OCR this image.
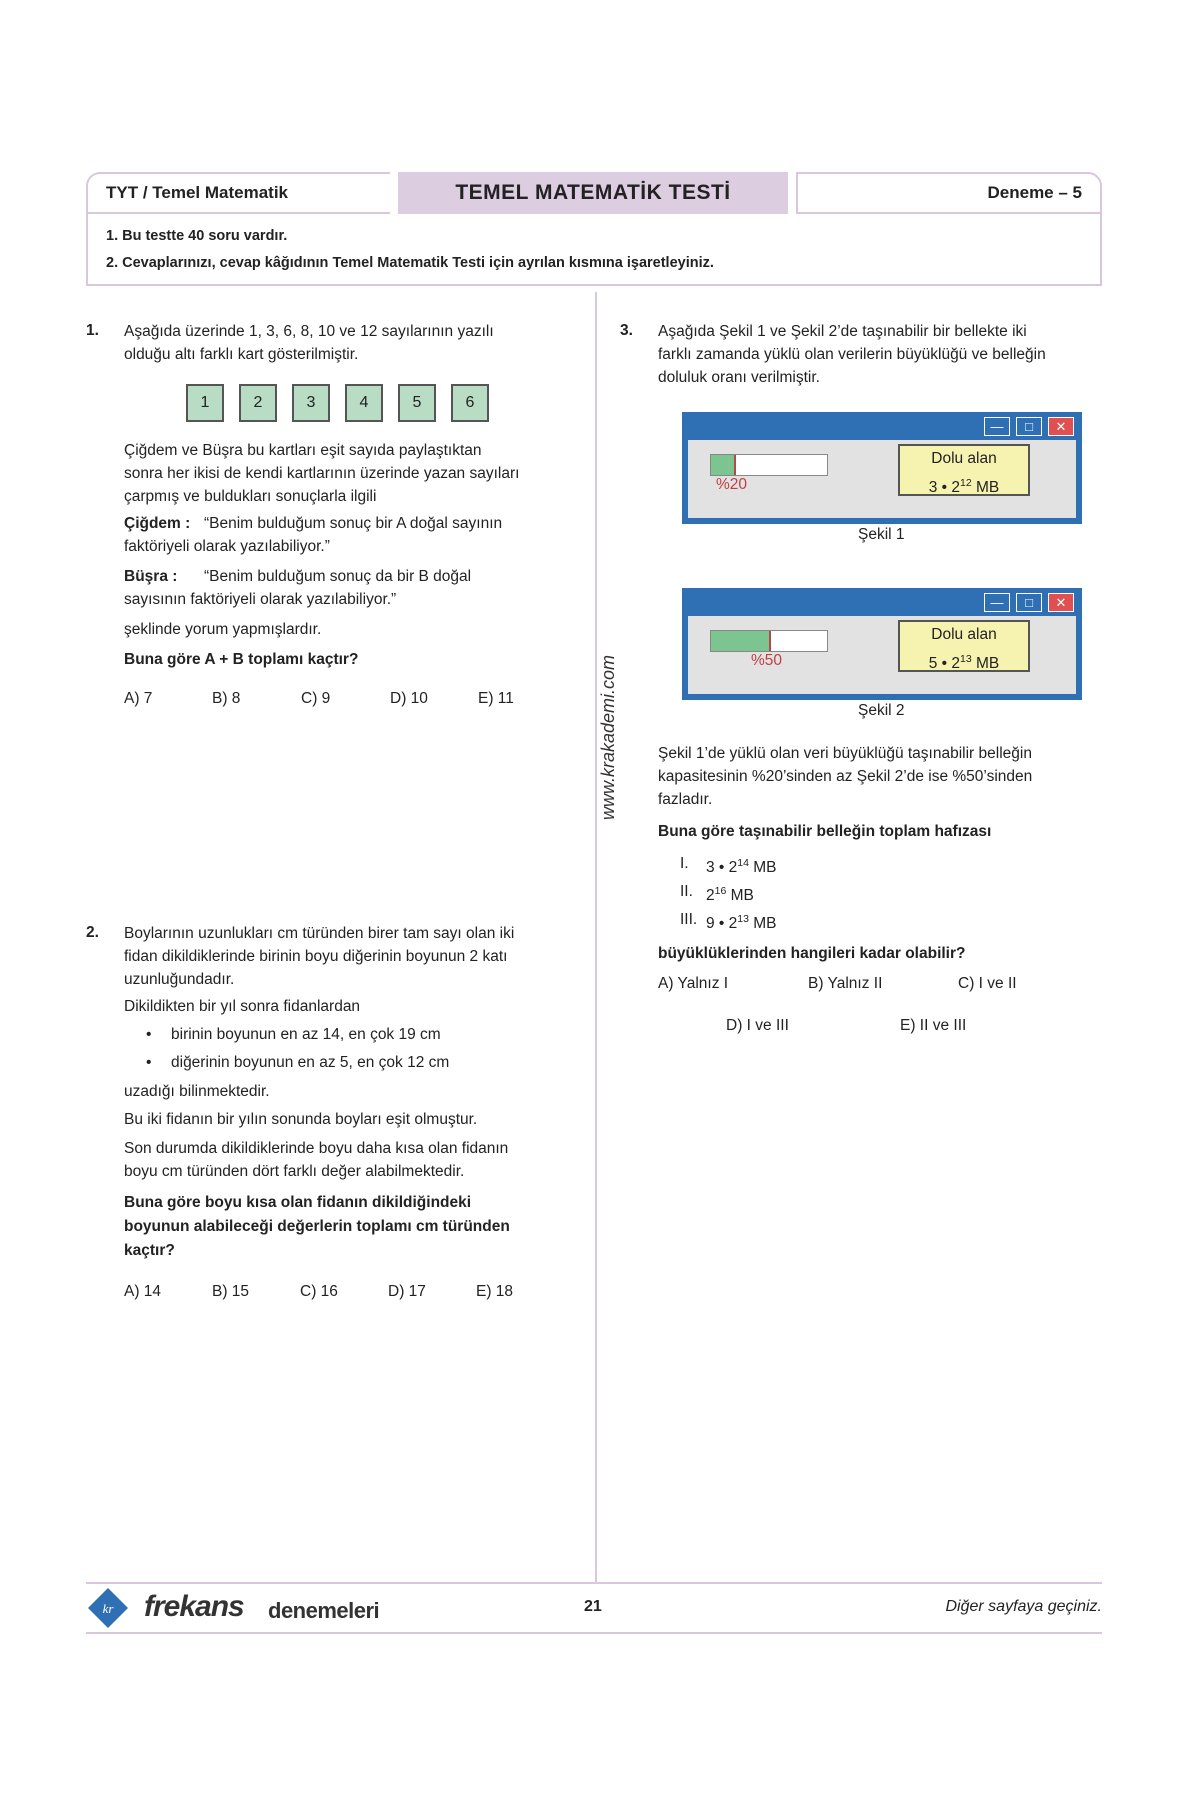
TYT / Temel Matematik	TEMEL MATEMATİK TESTİ	Deneme – 5
1. Bu testte 40 soru vardır.
2. Cevaplarınızı, cevap kâğıdının Temel Matematik Testi için ayrılan kısmına işaretleyiniz.
www.krakademi.com
1. Aşağıda üzerinde 1, 3, 6, 8, 10 ve 12 sayılarının yazılı
olduğu altı farklı kart gösterilmiştir.
1	2	3	4	5	6
Çiğdem ve Büşra bu kartları eşit sayıda paylaştıktan
sonra her ikisi de kendi kartlarının üzerinde yazan sayıları
çarpmış ve buldukları sonuçlarla ilgili
Çiğdem : “Benim bulduğum sonuç bir A doğal sayının
faktöriyeli olarak yazılabiliyor.”
Büşra : “Benim bulduğum sonuç da bir B doğal
sayısının faktöriyeli olarak yazılabiliyor.”
şeklinde yorum yapmışlardır.
Buna göre A + B toplamı kaçtır?
A) 7	B) 8	C) 9	D) 10	E) 11
2. Boylarının uzunlukları cm türünden birer tam sayı olan iki
fidan dikildiklerinde birinin boyu diğerinin boyunun 2 katı
uzunluğundadır.
Dikildikten bir yıl sonra fidanlardan
• birinin boyunun en az 14, en çok 19 cm
• diğerinin boyunun en az 5, en çok 12 cm
uzadığı bilinmektedir.
Bu iki fidanın bir yılın sonunda boyları eşit olmuştur.
Son durumda dikildiklerinde boyu daha kısa olan fidanın
boyu cm türünden dört farklı değer alabilmektedir.
Buna göre boyu kısa olan fidanın dikildiğindeki
boyunun alabileceği değerlerin toplamı cm türünden
kaçtır?
A) 14	B) 15	C) 16	D) 17	E) 18
3. Aşağıda Şekil 1 ve Şekil 2’de taşınabilir bir bellekte iki
farklı zamanda yüklü olan verilerin büyüklüğü ve belleğin
doluluk oranı verilmiştir.
—	□	✕
%20
Dolu alan
3 • $2^{12}$ MB
Şekil 1
—	□	✕
%50
Dolu alan
5 • $2^{13}$ MB
Şekil 2
Şekil 1’de yüklü olan veri büyüklüğü taşınabilir belleğin
kapasitesinin %20’sinden az Şekil 2’de ise %50’sinden
fazladır.
Buna göre taşınabilir belleğin toplam hafızası
I. 3 • $2^{14}$ MB
II. $2^{16}$ MB
III. 9 • $2^{13}$ MB
büyüklüklerinden hangileri kadar olabilir?
A) Yalnız I	B) Yalnız II	C) I ve II
D) I ve III	E) II ve III
kr frekans denemeleri	21	Diğer sayfaya geçiniz.
